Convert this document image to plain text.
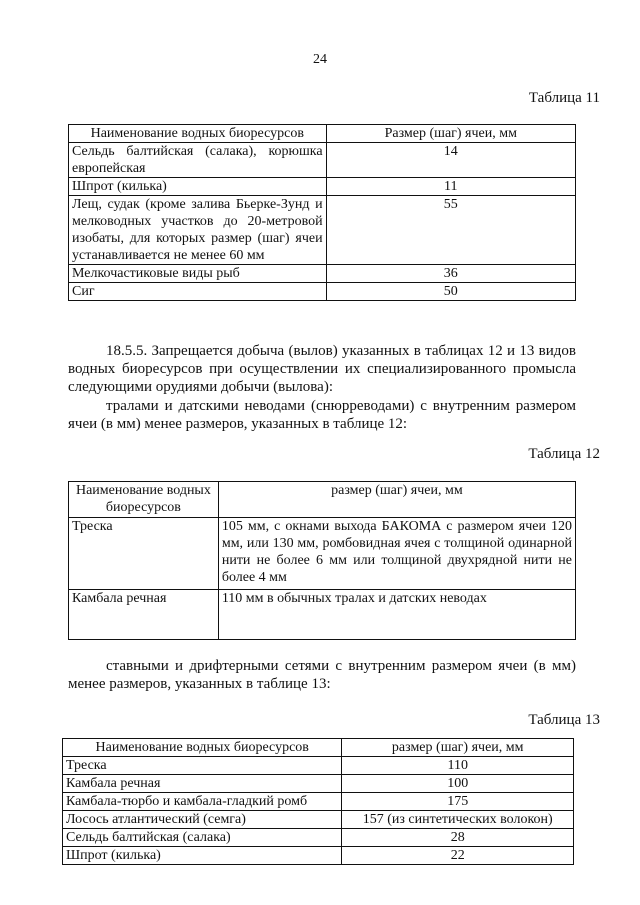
24
Таблица 11
Наименование водных биоресурсов	Размер (шаг) ячеи, мм
Сельдь балтийская (салака), корюшка европейская	14
Шпрот (килька)	11
Лещ, судак (кроме залива Бьерке-Зунд и мелководных участков до 20-метровой изобаты, для которых размер (шаг) ячеи устанавливается не менее 60 мм	55
Мелкочастиковые виды рыб	36
Сиг	50

18.5.5. Запрещается добыча (вылов) указанных в таблицах 12 и 13 видов водных биоресурсов при осуществлении их специализированного промысла следующими орудиями добычи (вылова):

тралами и датскими неводами (снюрреводами) с внутренним размером ячеи (в мм) менее размеров, указанных в таблице 12:

Таблица 12
Наименование водных биоресурсов	размер (шаг) ячеи, мм
Треска	105 мм, с окнами выхода БАКОМА с размером ячеи 120 мм, или 130 мм, ромбовидная ячея с толщиной одинарной нити не более 6 мм или толщиной двухрядной нити не более 4 мм
Камбала речная	110 мм в обычных тралах и датских неводах

ставными и дрифтерными сетями с внутренним размером ячеи (в мм) менее размеров, указанных в таблице 13:

Таблица 13
Наименование водных биоресурсов	размер (шаг) ячеи, мм
Треска	110
Камбала речная	100
Камбала-тюрбо и камбала-гладкий ромб	175
Лосось атлантический (семга)	157 (из синтетических волокон)
Сельдь балтийская (салака)	28
Шпрот (килька)	22
